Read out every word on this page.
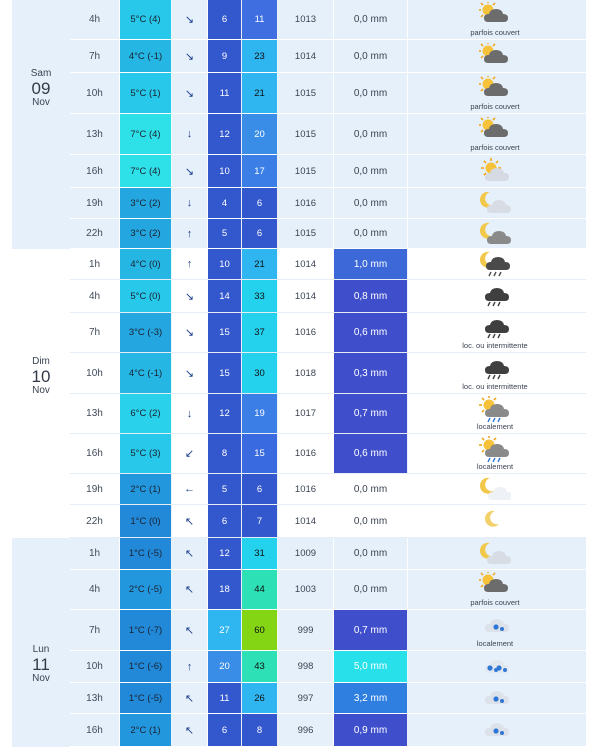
Sam
09
Nov
4h	5°C (4)	↘	6	11	1013	0,0 mm
parfois couvert
7h	4°C (-1)	↘	9	23	1014	0,0 mm
10h	5°C (1)	↘	11	21	1015	0,0 mm
parfois couvert
13h	7°C (4)	↓	12	20	1015	0,0 mm
parfois couvert
16h	7°C (4)	↘	10	17	1015	0,0 mm
19h	3°C (2)	↓	4	6	1016	0,0 mm
22h	3°C (2)	↑	5	6	1015	0,0 mm
Dim
10
Nov
1h	4°C (0)	↑	10	21	1014	1,0 mm
4h	5°C (0)	↘	14	33	1014	0,8 mm
7h	3°C (-3)	↘	15	37	1016	0,6 mm
loc. ou intermittente
10h	4°C (-1)	↘	15	30	1018	0,3 mm
loc. ou intermittente
13h	6°C (2)	↓	12	19	1017	0,7 mm
localement
16h	5°C (3)	↙	8	15	1016	0,6 mm
localement
19h	2°C (1)	←	5	6	1016	0,0 mm
22h	1°C (0)	↖	6	7	1014	0,0 mm
Lun
11
Nov
1h	1°C (-5)	↖	12	31	1009	0,0 mm
4h	2°C (-5)	↖	18	44	1003	0,0 mm
parfois couvert
7h	1°C (-7)	↖	27	60	999	0,7 mm
localement
10h	1°C (-6)	↑	20	43	998	5,0 mm
13h	1°C (-5)	↖	11	26	997	3,2 mm
16h	2°C (1)	↖	6	8	996	0,9 mm
